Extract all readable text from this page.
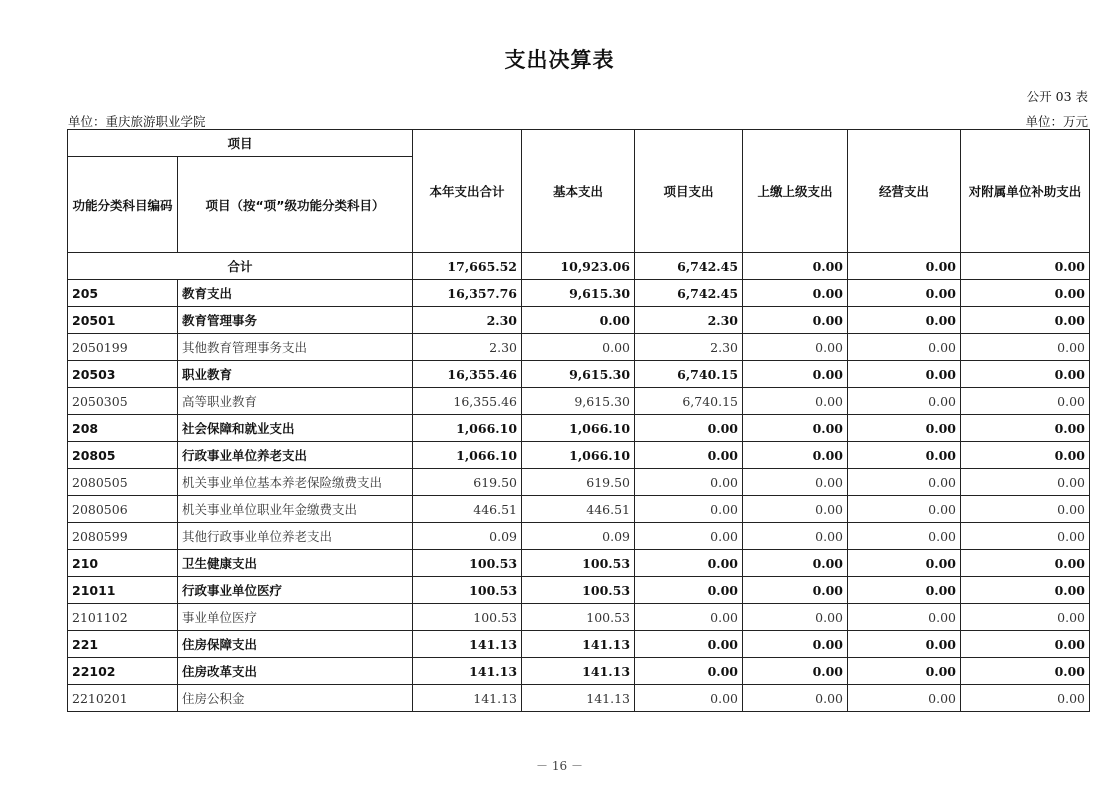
支出决算表
公开 03 表
单位：重庆旅游职业学院	单位：万元
项目		本年支出合计	基本支出	项目支出	上缴上级支出	经营支出	对附属单位补助支出
功能分类科目编码	项目（按“项”级功能分类科目）						
合计		17,665.52	10,923.06	6,742.45	0.00	0.00	0.00
205	教育支出	16,357.76	9,615.30	6,742.45	0.00	0.00	0.00
20501	教育管理事务	2.30	0.00	2.30	0.00	0.00	0.00
2050199	其他教育管理事务支出	2.30	0.00	2.30	0.00	0.00	0.00
20503	职业教育	16,355.46	9,615.30	6,740.15	0.00	0.00	0.00
2050305	高等职业教育	16,355.46	9,615.30	6,740.15	0.00	0.00	0.00
208	社会保障和就业支出	1,066.10	1,066.10	0.00	0.00	0.00	0.00
20805	行政事业单位养老支出	1,066.10	1,066.10	0.00	0.00	0.00	0.00
2080505	机关事业单位基本养老保险缴费支出	619.50	619.50	0.00	0.00	0.00	0.00
2080506	机关事业单位职业年金缴费支出	446.51	446.51	0.00	0.00	0.00	0.00
2080599	其他行政事业单位养老支出	0.09	0.09	0.00	0.00	0.00	0.00
210	卫生健康支出	100.53	100.53	0.00	0.00	0.00	0.00
21011	行政事业单位医疗	100.53	100.53	0.00	0.00	0.00	0.00
2101102	事业单位医疗	100.53	100.53	0.00	0.00	0.00	0.00
221	住房保障支出	141.13	141.13	0.00	0.00	0.00	0.00
22102	住房改革支出	141.13	141.13	0.00	0.00	0.00	0.00
2210201	住房公积金	141.13	141.13	0.00	0.00	0.00	0.00
－ 16 －
